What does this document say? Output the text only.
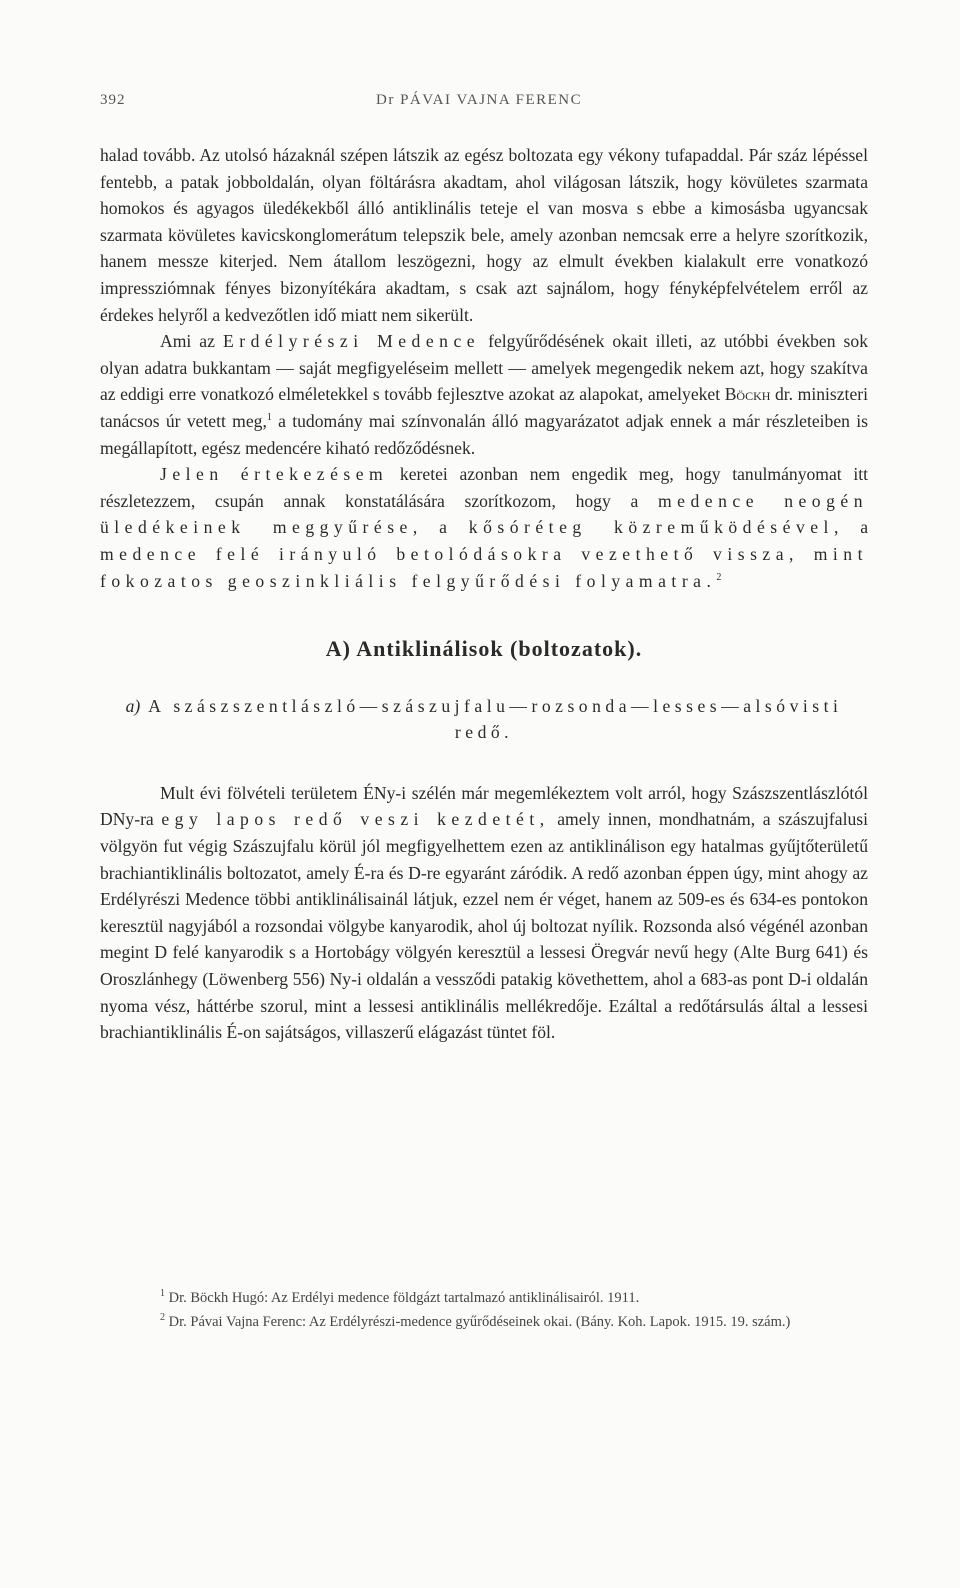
392	Dr PÁVAI VAJNA FERENC

halad tovább. Az utolsó házaknál szépen látszik az egész boltozata egy vékony tufapaddal. Pár száz lépéssel fentebb, a patak jobboldalán, olyan föltárásra akadtam, ahol világosan látszik, hogy kövületes szarmata homokos és agyagos üledékekből álló antiklinális teteje el van mosva s ebbe a kimosásba ugyancsak szarmata kövületes kavicskonglomerátum telepszik bele, amely azonban nemcsak erre a helyre szorítkozik, hanem messze kiterjed. Nem átallom leszögezni, hogy az elmult években kialakult erre vonatkozó impressziómnak fényes bizonyítékára akadtam, s csak azt sajnálom, hogy fényképfelvételem erről az érdekes helyről a kedvezőtlen idő miatt nem sikerült.

Ami az Erdélyrészi Medence felgyűrődésének okait illeti, az utóbbi években sok olyan adatra bukkantam — saját megfigyeléseim mellett — amelyek megengedik nekem azt, hogy szakítva az eddigi erre vonatkozó elméletekkel s tovább fejlesztve azokat az alapokat, amelyeket Böckh dr. miniszteri tanácsos úr vetett meg,$^1$ a tudomány mai színvonalán álló magyarázatot adjak ennek a már részleteiben is megállapított, egész medencére kiható redőződésnek.

Jelen értekezésem keretei azonban nem engedik meg, hogy tanulmányomat itt részletezzem, csupán annak konstatálására szorítkozom, hogy a medence neogén üledékeinek meggyűrése, a kősóréteg közreműködésével, a medence felé irányuló betolódásokra vezethető vissza, mint fokozatos geoszinkliális felgyűrődési folyamatra.$^2$

A) Antiklinálisok (boltozatok).
a) A szászszentlászló—szászujfalu—rozsonda—lesses—alsóvisti redő.

Mult évi fölvételi területem ÉNy-i szélén már megemlékeztem volt arról, hogy Szászszentlászlótól DNy-ra egy lapos redő veszi kezdetét, amely innen, mondhatnám, a szászujfalusi völgyön fut végig Szászujfalu körül jól megfigyelhettem ezen az antiklinálison egy hatalmas gyűjtőterületű brachiantiklinális boltozatot, amely É-ra és D-re egyaránt záródik. A redő azonban éppen úgy, mint ahogy az Erdélyrészi Medence többi antiklinálisainál látjuk, ezzel nem ér véget, hanem az 509-es és 634-es pontokon keresztül nagyjából a rozsondai völgybe kanyarodik, ahol új boltozat nyílik. Rozsonda alsó végénél azonban megint D felé kanyarodik s a Hortobágy völgyén keresztül a lessesi Öregvár nevű hegy (Alte Burg 641) és Oroszlánhegy (Löwenberg 556) Ny-i oldalán a vessződi patakig követhettem, ahol a 683-as pont D-i oldalán nyoma vész, háttérbe szorul, mint a lessesi antiklinális mellékredője. Ezáltal a redőtársulás által a lessesi brachiantiklinális É-on sajátságos, villaszerű elágazást tüntet föl.

$^1$ Dr. Böckh Hugó: Az Erdélyi medence földgázt tartalmazó antiklinálisairól. 1911.

$^2$ Dr. Pávai Vajna Ferenc: Az Erdélyrészi-medence gyűrődéseinek okai. (Bány. Koh. Lapok. 1915. 19. szám.)
